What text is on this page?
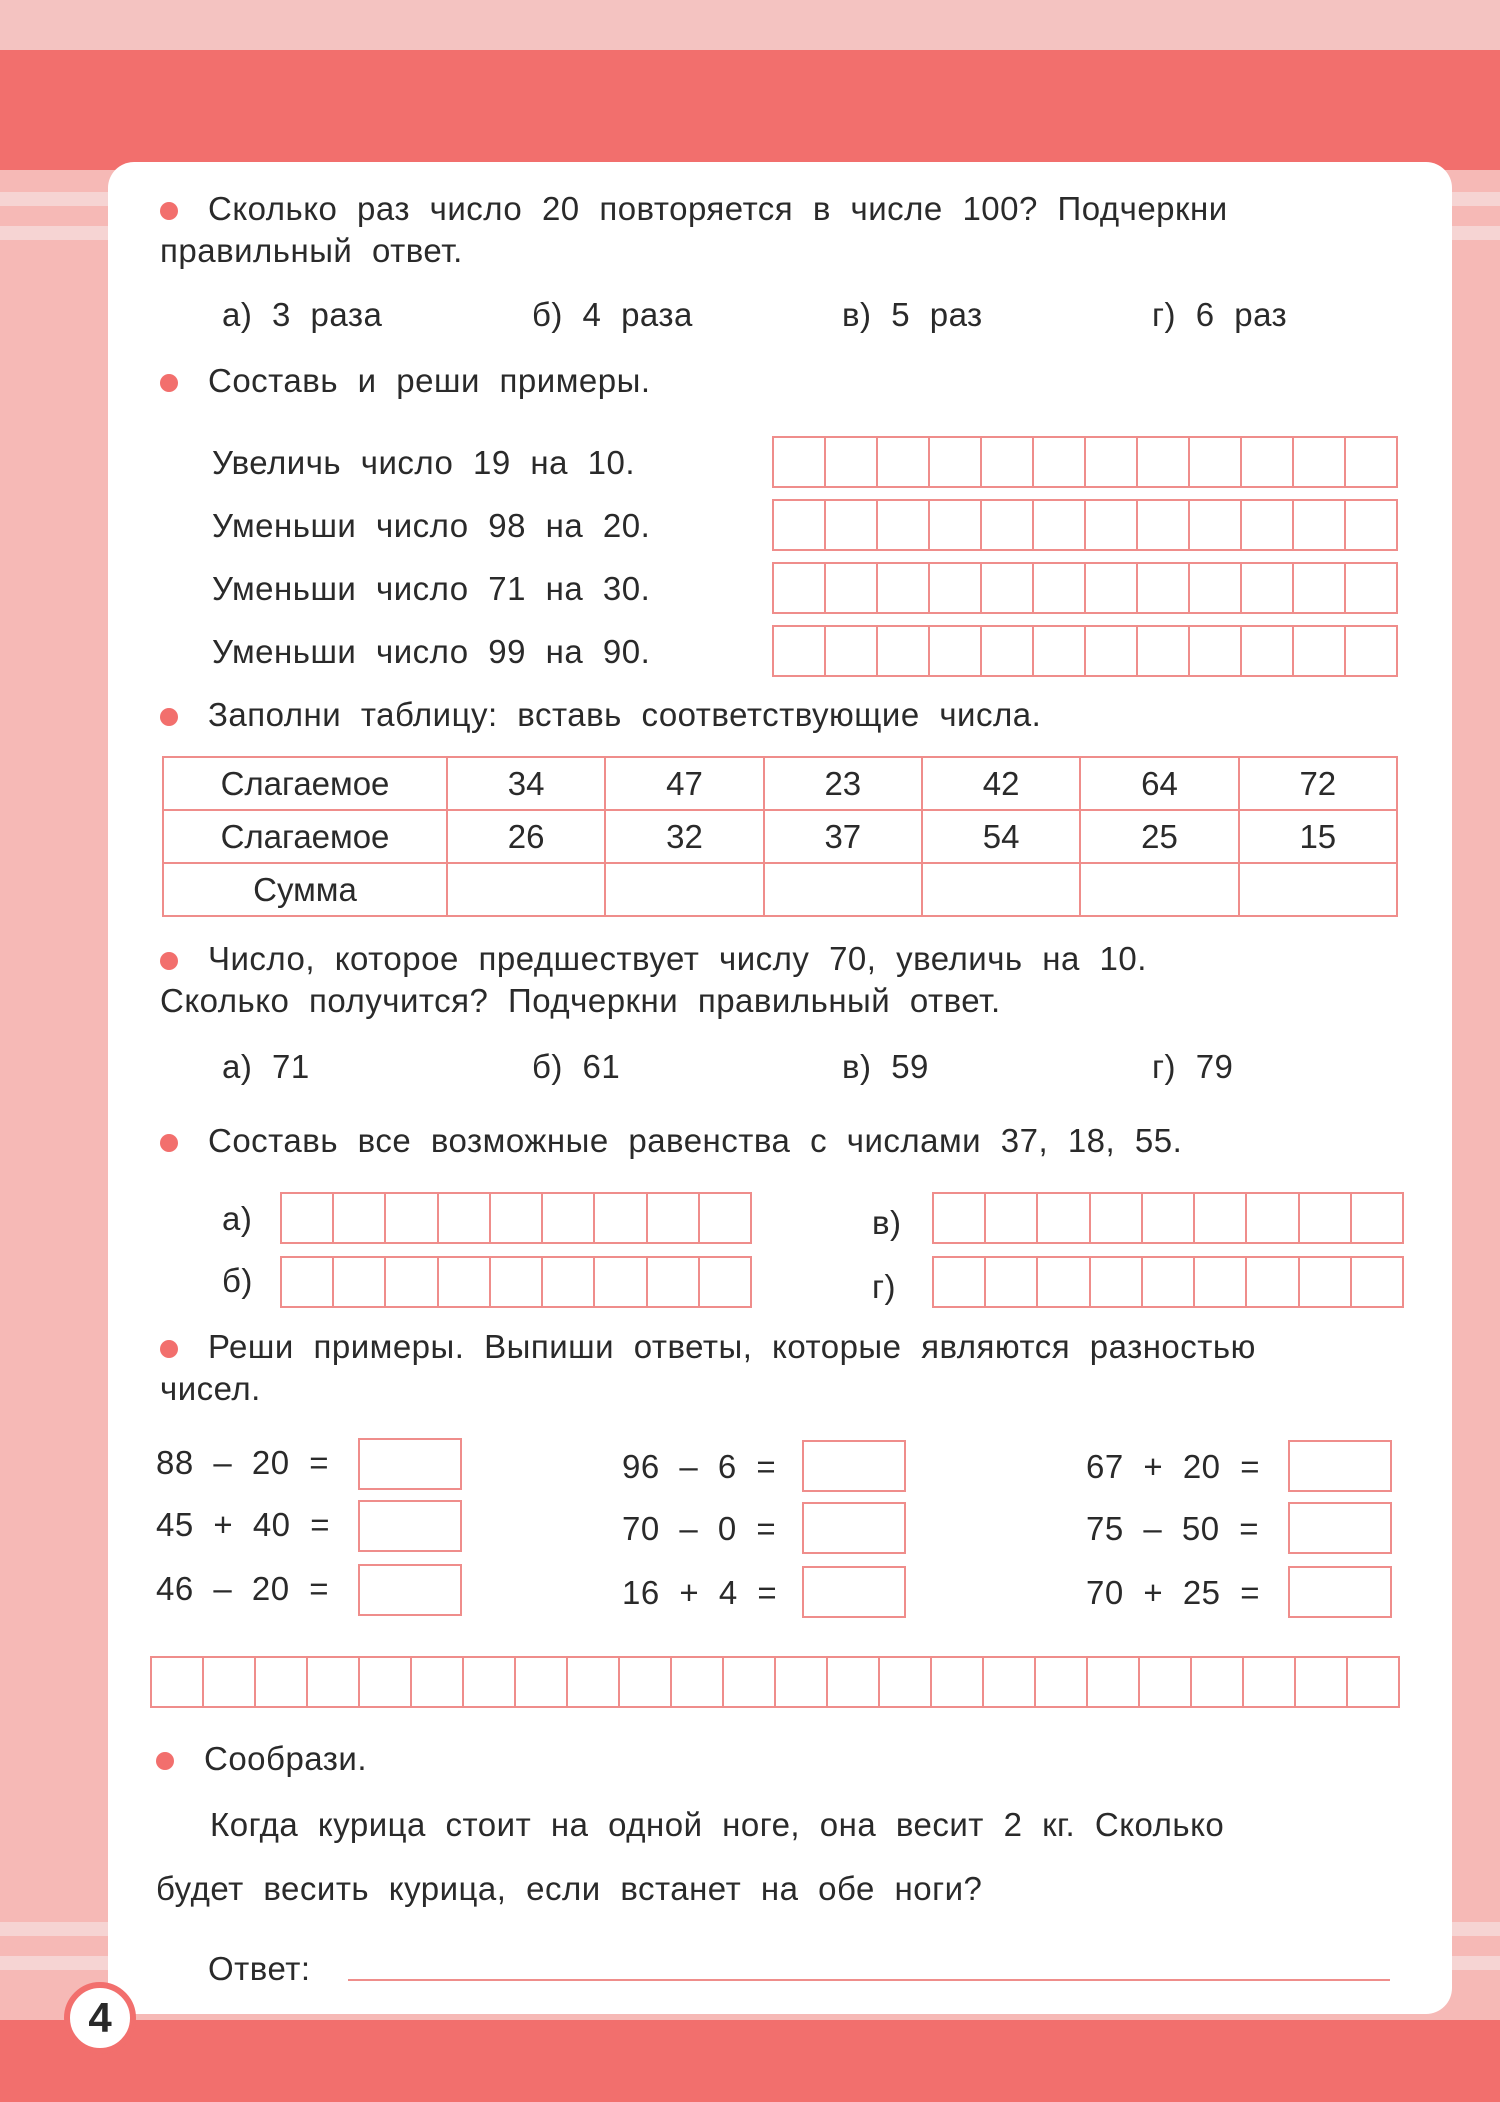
Сколько раз число 20 повторяется в числе 100? Подчеркни
правильный ответ.
а) 3 раза	б) 4 раза	в) 5 раз	г) 6 раз
Составь и реши примеры.
Увеличь число 19 на 10.
Уменьши число 98 на 20.
Уменьши число 71 на 30.
Уменьши число 99 на 90.
Заполни таблицу: вставь соответствующие числа.
Слагаемое	34	47	23	42	64	72
Слагаемое	26	32	37	54	25	15
Сумма						
Число, которое предшествует числу 70, увеличь на 10.
Сколько получится? Подчеркни правильный ответ.
а) 71	б) 61	в) 59	г) 79
Составь все возможные равенства с числами 37, 18, 55.
а)
б)
в)
г)
Реши примеры. Выпиши ответы, которые являются разностью
чисел.
88 – 20 =
45 + 40 =
46 – 20 =
96 – 6 =
70 – 0 =
16 + 4 =
67 + 20 =
75 – 50 =
70 + 25 =
Сообрази.
Когда курица стоит на одной ноге, она весит 2 кг. Сколько
будет весить курица, если встанет на обе ноги?
Ответ:
4
